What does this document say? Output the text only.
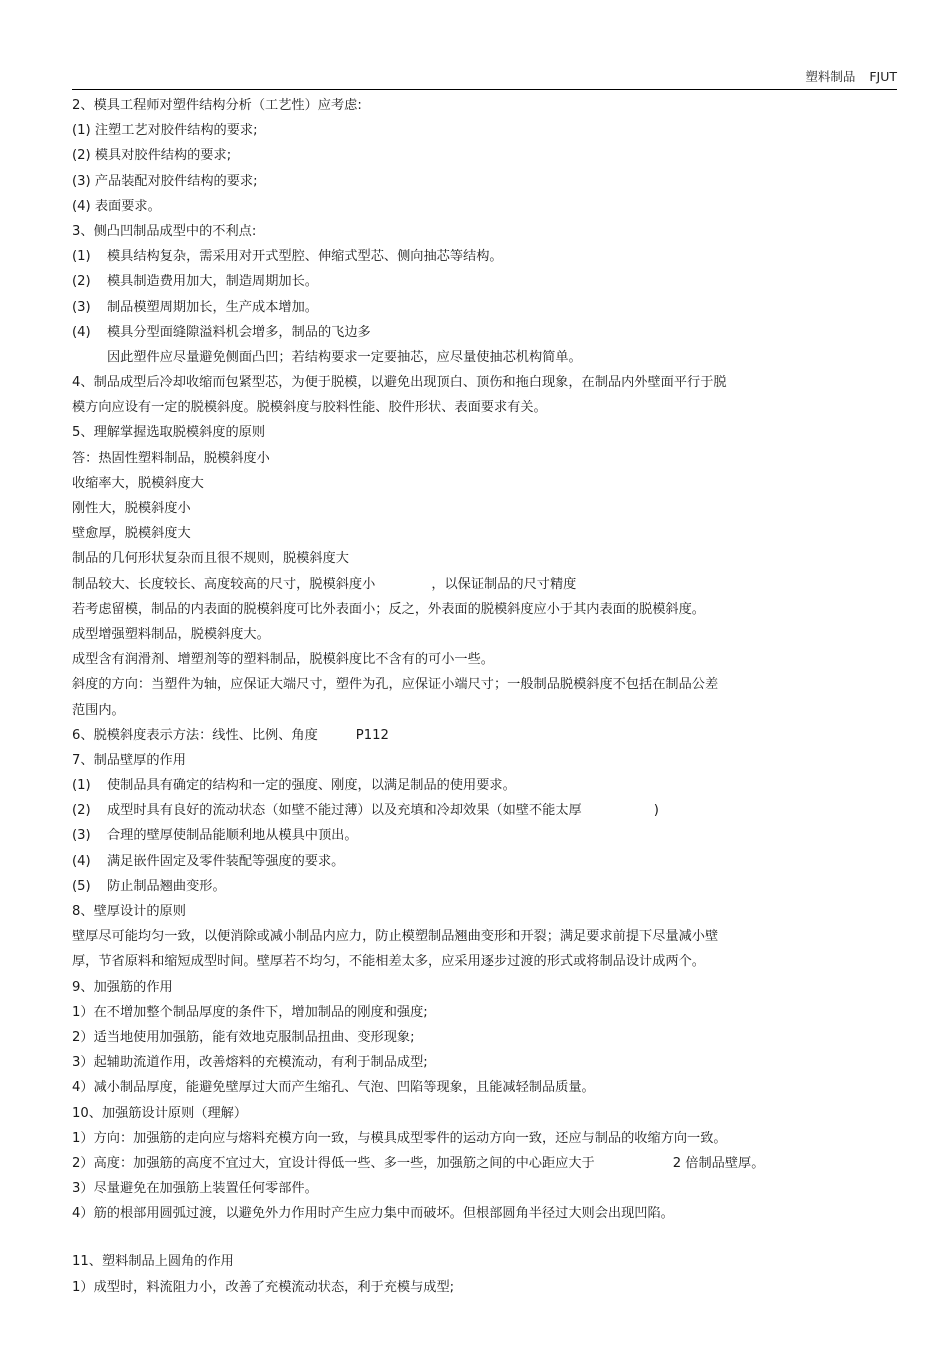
塑料制品 FJUT
2、模具工程师对塑件结构分析（工艺性）应考虑:
(1) 注塑工艺对胶件结构的要求;
(2) 模具对胶件结构的要求;
(3) 产品装配对胶件结构的要求;
(4) 表面要求。
3、侧凸凹制品成型中的不利点:
(1) 模具结构复杂，需采用对开式型腔、伸缩式型芯、侧向抽芯等结构。
(2) 模具制造费用加大，制造周期加长。
(3) 制品模塑周期加长，生产成本增加。
(4) 模具分型面缝隙溢料机会增多，制品的飞边多
因此塑件应尽量避免侧面凸凹；若结构要求一定要抽芯，应尽量使抽芯机构简单。
4、制品成型后冷却收缩而包紧型芯，为便于脱模，以避免出现顶白、顶伤和拖白现象，在制品内外壁面平行于脱
模方向应设有一定的脱模斜度。脱模斜度与胶料性能、胶件形状、表面要求有关。
5、理解掌握选取脱模斜度的原则
答：热固性塑料制品，脱模斜度小
收缩率大，脱模斜度大
刚性大，脱模斜度小
壁愈厚，脱模斜度大
制品的几何形状复杂而且很不规则，脱模斜度大
制品较大、长度较长、高度较高的尺寸，脱模斜度小	，以保证制品的尺寸精度
若考虑留模，制品的内表面的脱模斜度可比外表面小；反之，外表面的脱模斜度应小于其内表面的脱模斜度。
成型增强塑料制品，脱模斜度大。
成型含有润滑剂、增塑剂等的塑料制品，脱模斜度比不含有的可小一些。
斜度的方向：当塑件为轴，应保证大端尺寸，塑件为孔，应保证小端尺寸；一般制品脱模斜度不包括在制品公差
范围内。
6、脱模斜度表示方法：线性、比例、角度	P112
7、制品壁厚的作用
(1) 使制品具有确定的结构和一定的强度、刚度，以满足制品的使用要求。
(2) 成型时具有良好的流动状态（如壁不能过薄）以及充填和冷却效果（如壁不能太厚	)
(3) 合理的壁厚使制品能顺利地从模具中顶出。
(4) 满足嵌件固定及零件装配等强度的要求。
(5) 防止制品翘曲变形。
8、壁厚设计的原则
壁厚尽可能均匀一致，以便消除或减小制品内应力，防止模塑制品翘曲变形和开裂；满足要求前提下尽量减小壁
厚，节省原料和缩短成型时间。壁厚若不均匀，不能相差太多，应采用逐步过渡的形式或将制品设计成两个。
9、加强筋的作用
1）在不增加整个制品厚度的条件下，增加制品的刚度和强度;
2）适当地使用加强筋，能有效地克服制品扭曲、变形现象;
3）起辅助流道作用，改善熔料的充模流动，有利于制品成型;
4）减小制品厚度，能避免壁厚过大而产生缩孔、气泡、凹陷等现象，且能减轻制品质量。
10、加强筋设计原则（理解）
1）方向：加强筋的走向应与熔料充模方向一致，与模具成型零件的运动方向一致，还应与制品的收缩方向一致。
2）高度：加强筋的高度不宜过大，宜设计得低一些、多一些，加强筋之间的中心距应大于	2 倍制品壁厚。
3）尽量避免在加强筋上装置任何零部件。
4）筋的根部用圆弧过渡，以避免外力作用时产生应力集中而破坏。但根部圆角半径过大则会出现凹陷。
11、塑料制品上圆角的作用
1）成型时，料流阻力小，改善了充模流动状态，利于充模与成型;
